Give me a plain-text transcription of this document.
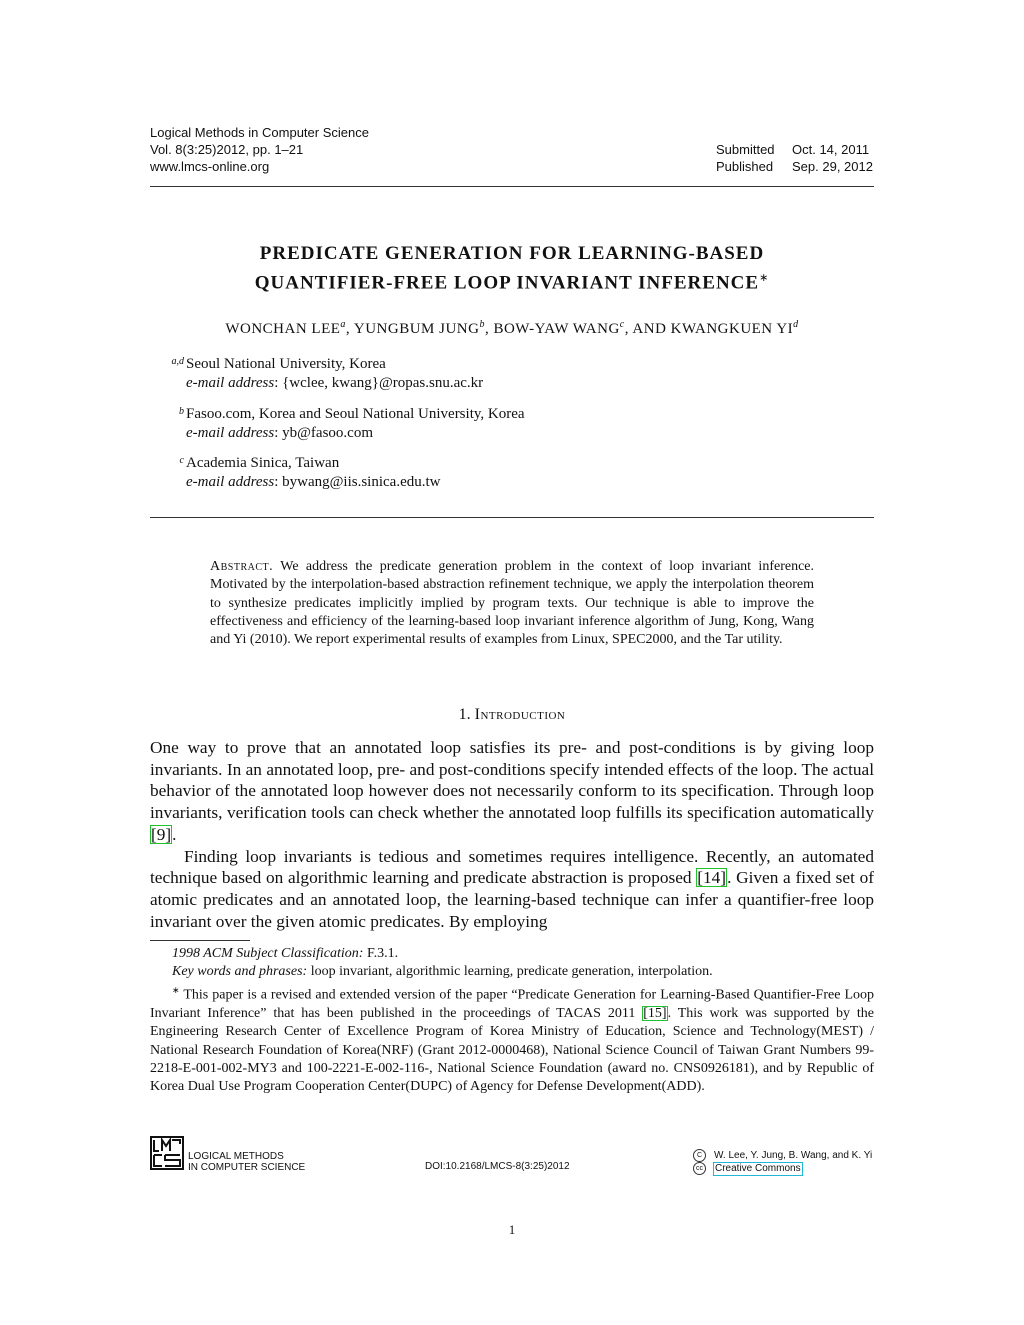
Logical Methods in Computer Science
Vol. 8(3:25)2012, pp. 1–21
www.lmcs-online.org
Submitted Oct. 14, 2011
Published Sep. 29, 2012
PREDICATE GENERATION FOR LEARNING-BASED
QUANTIFIER-FREE LOOP INVARIANT INFERENCE∗
WONCHAN LEE$^a$, YUNGBUM JUNG$^b$, BOW-YAW WANG$^c$, AND KWANGKUEN $YI^d$
a,d Seoul National University, Korea
e-mail address: {wclee, kwang}@ropas.snu.ac.kr
b Fasoo.com, Korea and Seoul National University, Korea
e-mail address: yb@fasoo.com
c Academia Sinica, Taiwan
e-mail address: bywang@iis.sinica.edu.tw
Abstract. We address the predicate generation problem in the context of loop invariant inference. Motivated by the interpolation-based abstraction refinement technique, we apply the interpolation theorem to synthesize predicates implicitly implied by program texts. Our technique is able to improve the effectiveness and efficiency of the learning-based loop invariant inference algorithm of Jung, Kong, Wang and Yi (2010). We report experimental results of examples from Linux, SPEC2000, and the Tar utility.
1. Introduction

One way to prove that an annotated loop satisfies its pre- and post-conditions is by giving loop invariants. In an annotated loop, pre- and post-conditions specify intended effects of the loop. The actual behavior of the annotated loop however does not necessarily conform to its specification. Through loop invariants, verification tools can check whether the annotated loop fulfills its specification automatically [9].

Finding loop invariants is tedious and sometimes requires intelligence. Recently, an automated technique based on algorithmic learning and predicate abstraction is proposed [14]. Given a fixed set of atomic predicates and an annotated loop, the learning-based technique can infer a quantifier-free loop invariant over the given atomic predicates. By employing

1998 ACM Subject Classification: F.3.1.

Key words and phrases: loop invariant, algorithmic learning, predicate generation, interpolation.

∗ This paper is a revised and extended version of the paper “Predicate Generation for Learning-Based Quantifier-Free Loop Invariant Inference” that has been published in the proceedings of TACAS 2011 [15]. This work was supported by the Engineering Research Center of Excellence Program of Korea Ministry of Education, Science and Technology(MEST) / National Research Foundation of Korea(NRF) (Grant 2012-0000468), National Science Council of Taiwan Grant Numbers 99-2218-E-001-002-MY3 and 100-2221-E-002-116-, National Science Foundation (award no. CNS0926181), and by Republic of Korea Dual Use Program Cooperation Center(DUPC) of Agency for Defense Development(ADD).

LOGICAL METHODS
IN COMPUTER SCIENCE	DOI:10.2168/LMCS-8(3:25)2012
C	W. Lee, Y. Jung, B. Wang, and K. Yi
cc	Creative Commons
1
